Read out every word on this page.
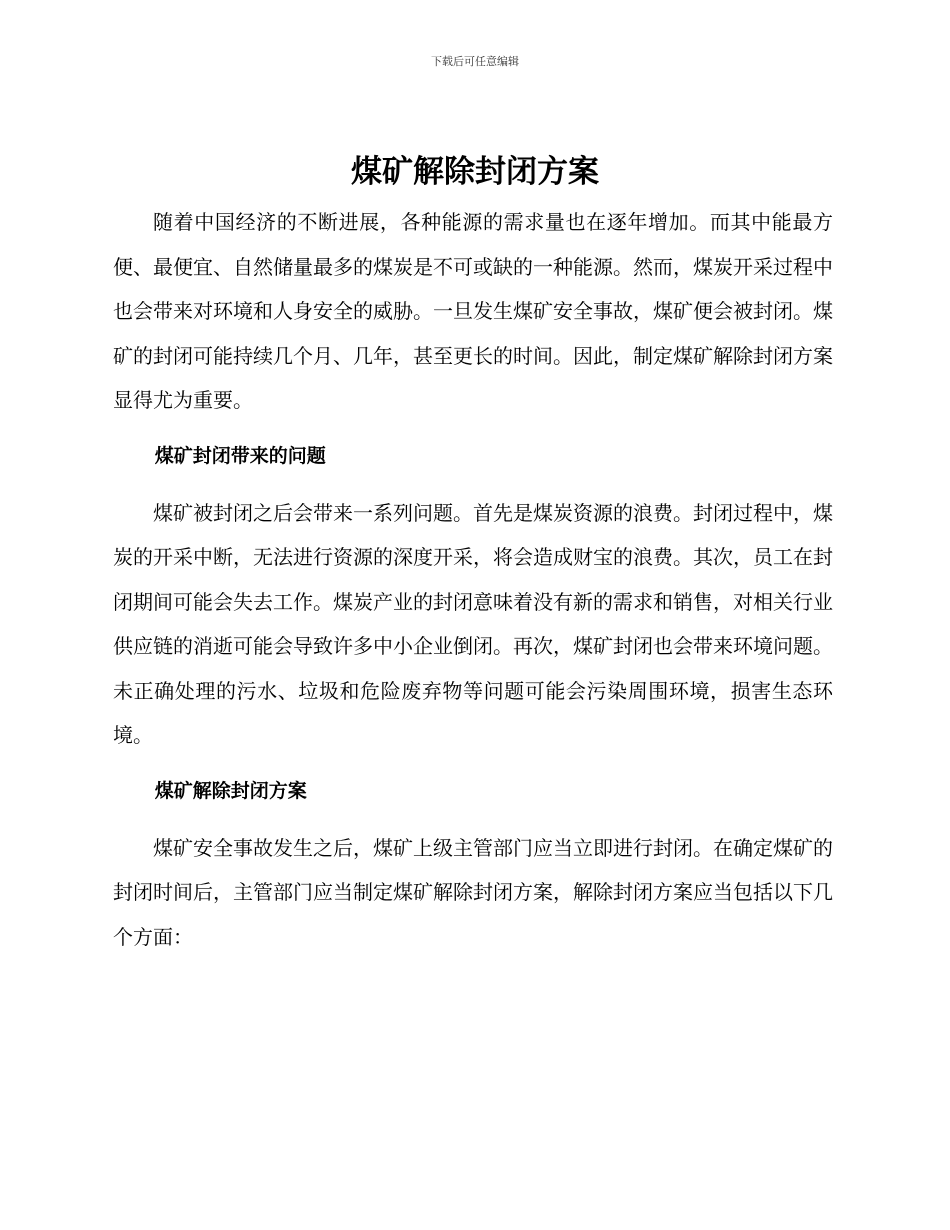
下载后可任意编辑
煤矿解除封闭方案

随着中国经济的不断进展，各种能源的需求量也在逐年增加。而其中能最方便、最便宜、自然储量最多的煤炭是不可或缺的一种能源。然而，煤炭开采过程中也会带来对环境和人身安全的威胁。一旦发生煤矿安全事故，煤矿便会被封闭。煤矿的封闭可能持续几个月、几年，甚至更长的时间。因此，制定煤矿解除封闭方案显得尤为重要。

煤矿封闭带来的问题

煤矿被封闭之后会带来一系列问题。首先是煤炭资源的浪费。封闭过程中，煤炭的开采中断，无法进行资源的深度开采，将会造成财宝的浪费。其次，员工在封闭期间可能会失去工作。煤炭产业的封闭意味着没有新的需求和销售，对相关行业供应链的消逝可能会导致许多中小企业倒闭。再次，煤矿封闭也会带来环境问题。未正确处理的污水、垃圾和危险废弃物等问题可能会污染周围环境，损害生态环境。

煤矿解除封闭方案

煤矿安全事故发生之后，煤矿上级主管部门应当立即进行封闭。在确定煤矿的封闭时间后，主管部门应当制定煤矿解除封闭方案，解除封闭方案应当包括以下几个方面：
